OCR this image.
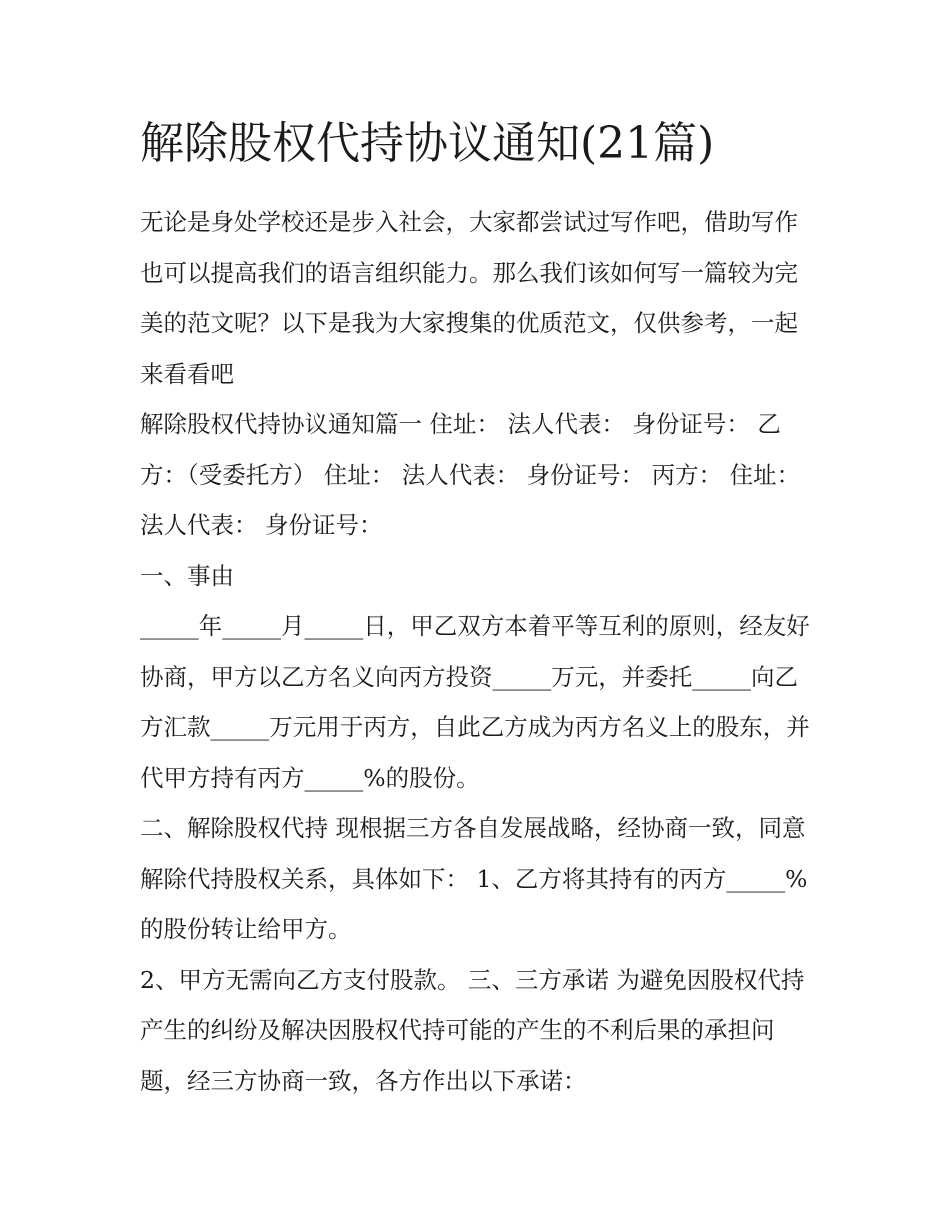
解除股权代持协议通知(21篇)

无论是身处学校还是步入社会，大家都尝试过写作吧，借助写作也可以提高我们的语言组织能力。那么我们该如何写一篇较为完美的范文呢？以下是我为大家搜集的优质范文，仅供参考，一起来看看吧

解除股权代持协议通知篇一 住址： 法人代表： 身份证号： 乙方：（受委托方） 住址： 法人代表： 身份证号： 丙方： 住址： 法人代表： 身份证号：

一、事由

_____年_____月_____日，甲乙双方本着平等互利的原则，经友好协商，甲方以乙方名义向丙方投资_____万元，并委托_____向乙方汇款_____万元用于丙方，自此乙方成为丙方名义上的股东，并代甲方持有丙方_____%的股份。

二、解除股权代持 现根据三方各自发展战略，经协商一致，同意解除代持股权关系，具体如下： 1、乙方将其持有的丙方_____%的股份转让给甲方。

2、甲方无需向乙方支付股款。 三、三方承诺 为避免因股权代持产生的纠纷及解决因股权代持可能的产生的不利后果的承担问题，经三方协商一致，各方作出以下承诺：
